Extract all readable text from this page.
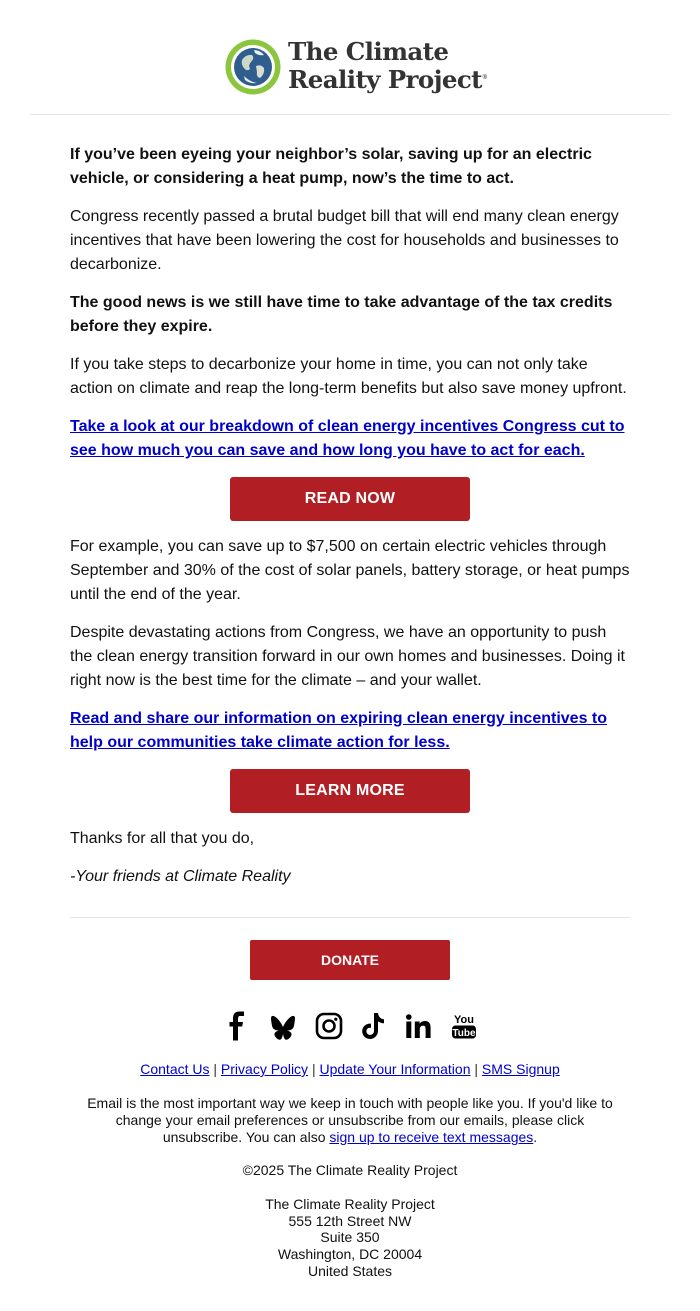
The Climate
Reality Project®

If you’ve been eyeing your neighbor’s solar, saving up for an electric vehicle, or considering a heat pump, now’s the time to act.

Congress recently passed a brutal budget bill that will end many clean energy incentives that have been lowering the cost for households and businesses to decarbonize.

The good news is we still have time to take advantage of the tax credits before they expire.

If you take steps to decarbonize your home in time, you can not only take action on climate and reap the long-term benefits but also save money upfront.

Take a look at our breakdown of clean energy incentives Congress cut to see how much you can save and how long you have to act for each.

READ NOW

For example, you can save up to $7,500 on certain electric vehicles through September and 30% of the cost of solar panels, battery storage, or heat pumps until the end of the year.

Despite devastating actions from Congress, we have an opportunity to push the clean energy transition forward in our own homes and businesses. Doing it right now is the best time for the climate – and your wallet.

Read and share our information on expiring clean energy incentives to help our communities take climate action for less.

LEARN MORE

Thanks for all that you do,

-Your friends at Climate Reality

DONATE
You
Tube
Contact Us | Privacy Policy | Update Your Information | SMS Signup
Email is the most important way we keep in touch with people like you. If you'd like to change your email preferences or unsubscribe from our emails, please click unsubscribe. You can also sign up to receive text messages.
©2025 The Climate Reality Project
The Climate Reality Project
555 12th Street NW
Suite 350
Washington, DC 20004
United States
